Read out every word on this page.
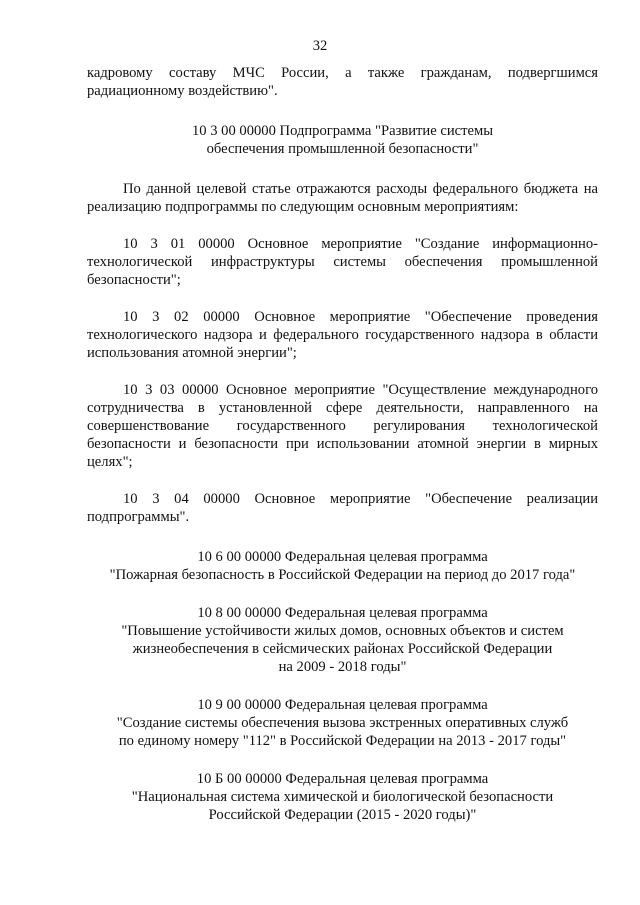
32

кадровому составу МЧС России, а также гражданам, подвергшимся радиационному воздействию".

10 3 00 00000 Подпрограмма "Развитие системы
обеспечения промышленной безопасности"

По данной целевой статье отражаются расходы федерального бюджета на реализацию подпрограммы по следующим основным мероприятиям:

10 3 01 00000 Основное мероприятие "Создание информационно-технологической инфраструктуры системы обеспечения промышленной безопасности";

10 3 02 00000 Основное мероприятие "Обеспечение проведения технологического надзора и федерального государственного надзора в области использования атомной энергии";

10 3 03 00000 Основное мероприятие "Осуществление международного сотрудничества в установленной сфере деятельности, направленного на совершенствование государственного регулирования технологической безопасности и безопасности при использовании атомной энергии в мирных целях";

10 3 04 00000 Основное мероприятие "Обеспечение реализации подпрограммы".

10 6 00 00000 Федеральная целевая программа
"Пожарная безопасность в Российской Федерации на период до 2017 года"

10 8 00 00000 Федеральная целевая программа
"Повышение устойчивости жилых домов, основных объектов и систем
жизнеобеспечения в сейсмических районах Российской Федерации
на 2009 - 2018 годы"

10 9 00 00000 Федеральная целевая программа
"Создание системы обеспечения вызова экстренных оперативных служб
по единому номеру "112" в Российской Федерации на 2013 - 2017 годы"

10 Б 00 00000 Федеральная целевая программа
"Национальная система химической и биологической безопасности
Российской Федерации (2015 - 2020 годы)"
